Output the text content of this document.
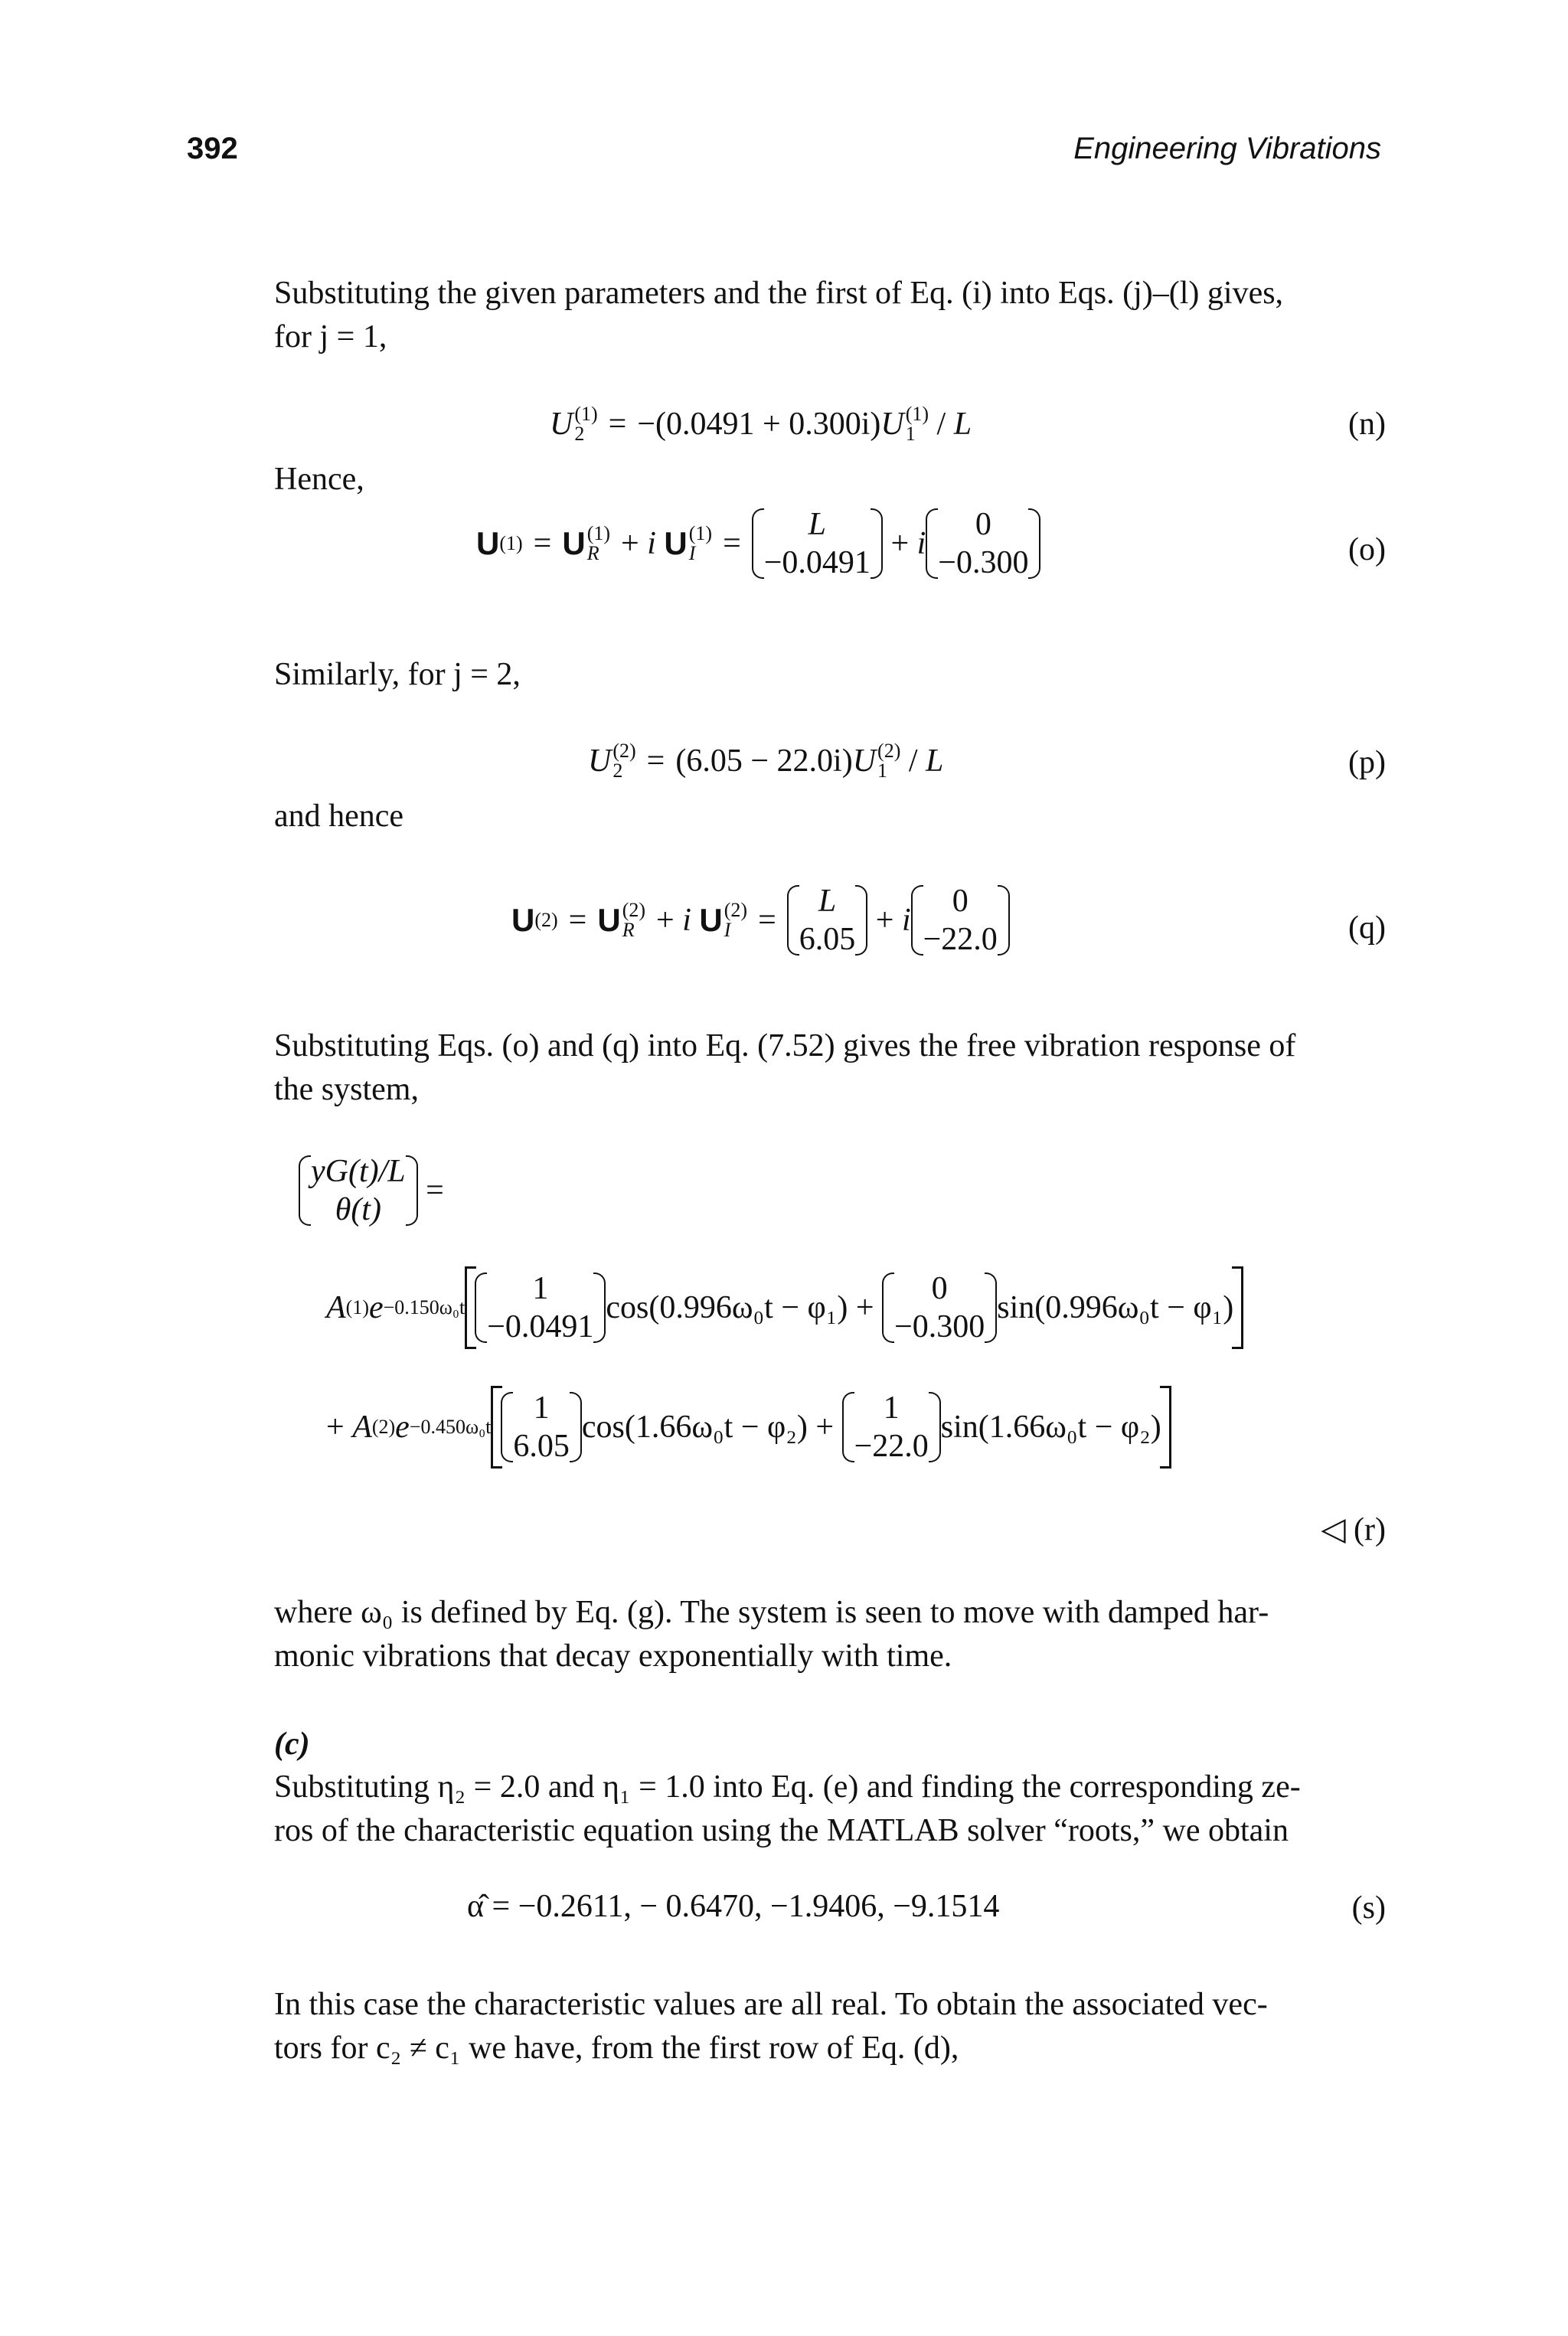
392	Engineering Vibrations

Substituting the given parameters and the first of Eq. (i) into Eqs. (j)–(l) gives,
for j = 1,

U (1)
2 = − (0.0491 + 0.300i) U (1)
1 / L	(n)
Hence,
U (1) = U (1)
R + i
U (1)
I =
L
−0.0491
+ i
0
−0.300	(o)
Similarly, for j = 2,
U (2)
2 = (6.05 − 22.0i) U (2)
1 / L	(p)
and hence
U (2) = U (2)
R + i
U (2)
I =
L
6.05
+ i
0
−22.0	(q)

Substituting Eqs. (o) and (q) into Eq. (7.52) gives the free vibration response of
the system,

yG(t)/L
θ(t)
=
A (1) e −0.150ω₀t
1
−0.0491
cos(0.996ω₀t − φ₁) +
0
−0.300
sin(0.996ω₀t − φ₁)
+ A (2) e −0.450ω₀t
1
6.05
cos(1.66ω₀t − φ₂) +
1
−22.0
sin(1.66ω₀t − φ₂)
◁ (r)

where ω₀ is defined by Eq. (g). The system is seen to move with damped har-
monic vibrations that decay exponentially with time.

(c)

Substituting η₂ = 2.0 and η₁ = 1.0 into Eq. (e) and finding the corresponding ze-
ros of the characteristic equation using the MATLAB solver “roots,” we obtain

α̂ = −0.2611, − 0.6470, −1.9406, −9.1514	(s)

In this case the characteristic values are all real. To obtain the associated vec-
tors for c₂ ≠ c₁ we have, from the first row of Eq. (d),
